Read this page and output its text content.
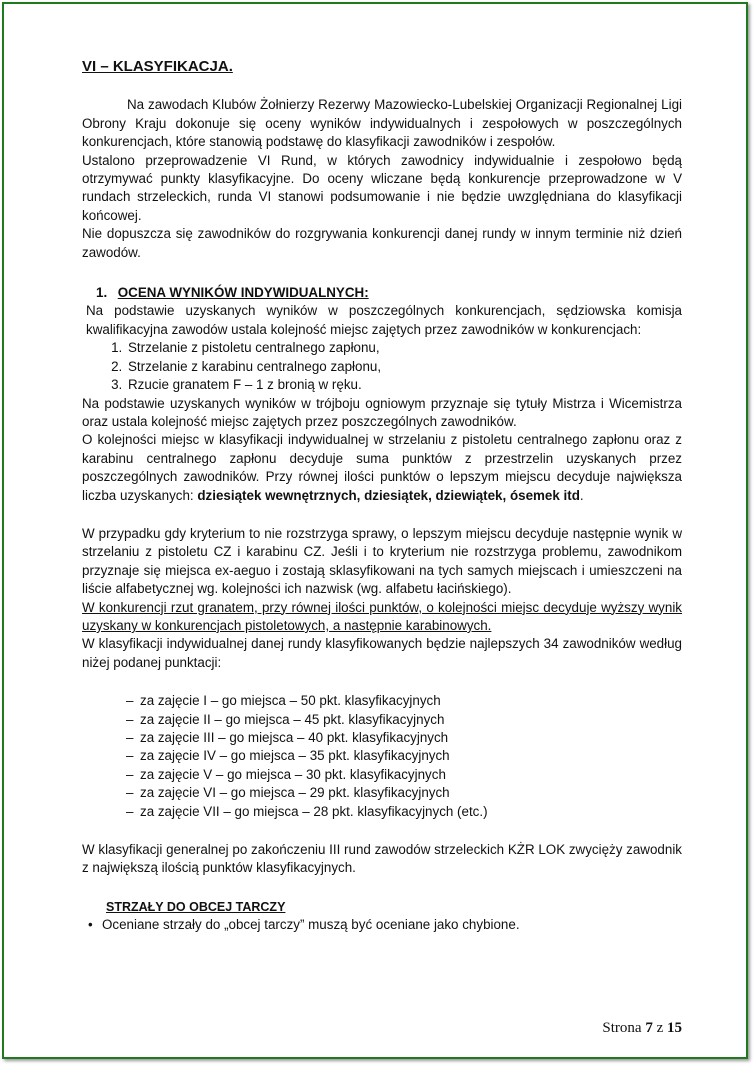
VI – KLASYFIKACJA.

Na zawodach Klubów Żołnierzy Rezerwy Mazowiecko-Lubelskiej Organizacji Regionalnej Ligi Obrony Kraju dokonuje się oceny wyników indywidualnych i zespołowych w poszczególnych konkurencjach, które stanowią podstawę do klasyfikacji zawodników i zespołów.

Ustalono przeprowadzenie VI Rund, w których zawodnicy indywidualnie i zespołowo będą otrzymywać punkty klasyfikacyjne. Do oceny wliczane będą konkurencje przeprowadzone w V rundach strzeleckich, runda VI stanowi podsumowanie i nie będzie uwzględniana do klasyfikacji końcowej.

Nie dopuszcza się zawodników do rozgrywania konkurencji danej rundy w innym terminie niż dzień zawodów.

1. OCENA WYNIKÓW INDYWIDUALNYCH:

Na podstawie uzyskanych wyników w poszczególnych konkurencjach, sędziowska komisja kwalifikacyjna zawodów ustala kolejność miejsc zajętych przez zawodników w konkurencjach:

1. Strzelanie z pistoletu centralnego zapłonu,
2. Strzelanie z karabinu centralnego zapłonu,
3. Rzucie granatem F – 1 z bronią w ręku.

Na podstawie uzyskanych wyników w trójboju ogniowym przyznaje się tytuły Mistrza i Wicemistrza oraz ustala kolejność miejsc zajętych przez poszczególnych zawodników.

O kolejności miejsc w klasyfikacji indywidualnej w strzelaniu z pistoletu centralnego zapłonu oraz z karabinu centralnego zapłonu decyduje suma punktów z przestrzelin uzyskanych przez poszczególnych zawodników. Przy równej ilości punktów o lepszym miejscu decyduje największa liczba uzyskanych: dziesiątek wewnętrznych, dziesiątek, dziewiątek, ósemek itd.

W przypadku gdy kryterium to nie rozstrzyga sprawy, o lepszym miejscu decyduje następnie wynik w strzelaniu z pistoletu CZ i karabinu CZ. Jeśli i to kryterium nie rozstrzyga problemu, zawodnikom przyznaje się miejsca ex-aeguo i zostają sklasyfikowani na tych samych miejscach i umieszczeni na liście alfabetycznej wg. kolejności ich nazwisk (wg. alfabetu łacińskiego).

W konkurencji rzut granatem, przy równej ilości punktów, o kolejności miejsc decyduje wyższy wynik uzyskany w konkurencjach pistoletowych, a następnie karabinowych.

W klasyfikacji indywidualnej danej rundy klasyfikowanych będzie najlepszych 34 zawodników według niżej podanej punktacji:

– za zajęcie I – go miejsca – 50 pkt. klasyfikacyjnych
– za zajęcie II – go miejsca – 45 pkt. klasyfikacyjnych
– za zajęcie III – go miejsca – 40 pkt. klasyfikacyjnych
– za zajęcie IV – go miejsca – 35 pkt. klasyfikacyjnych
– za zajęcie V – go miejsca – 30 pkt. klasyfikacyjnych
– za zajęcie VI – go miejsca – 29 pkt. klasyfikacyjnych
– za zajęcie VII – go miejsca – 28 pkt. klasyfikacyjnych (etc.)

W klasyfikacji generalnej po zakończeniu III rund zawodów strzeleckich KŻR LOK zwycięży zawodnik z największą ilością punktów klasyfikacyjnych.

STRZAŁY DO OBCEJ TARCZY

• Oceniane strzały do „obcej tarczy” muszą być oceniane jako chybione.

Strona 7 z 15
